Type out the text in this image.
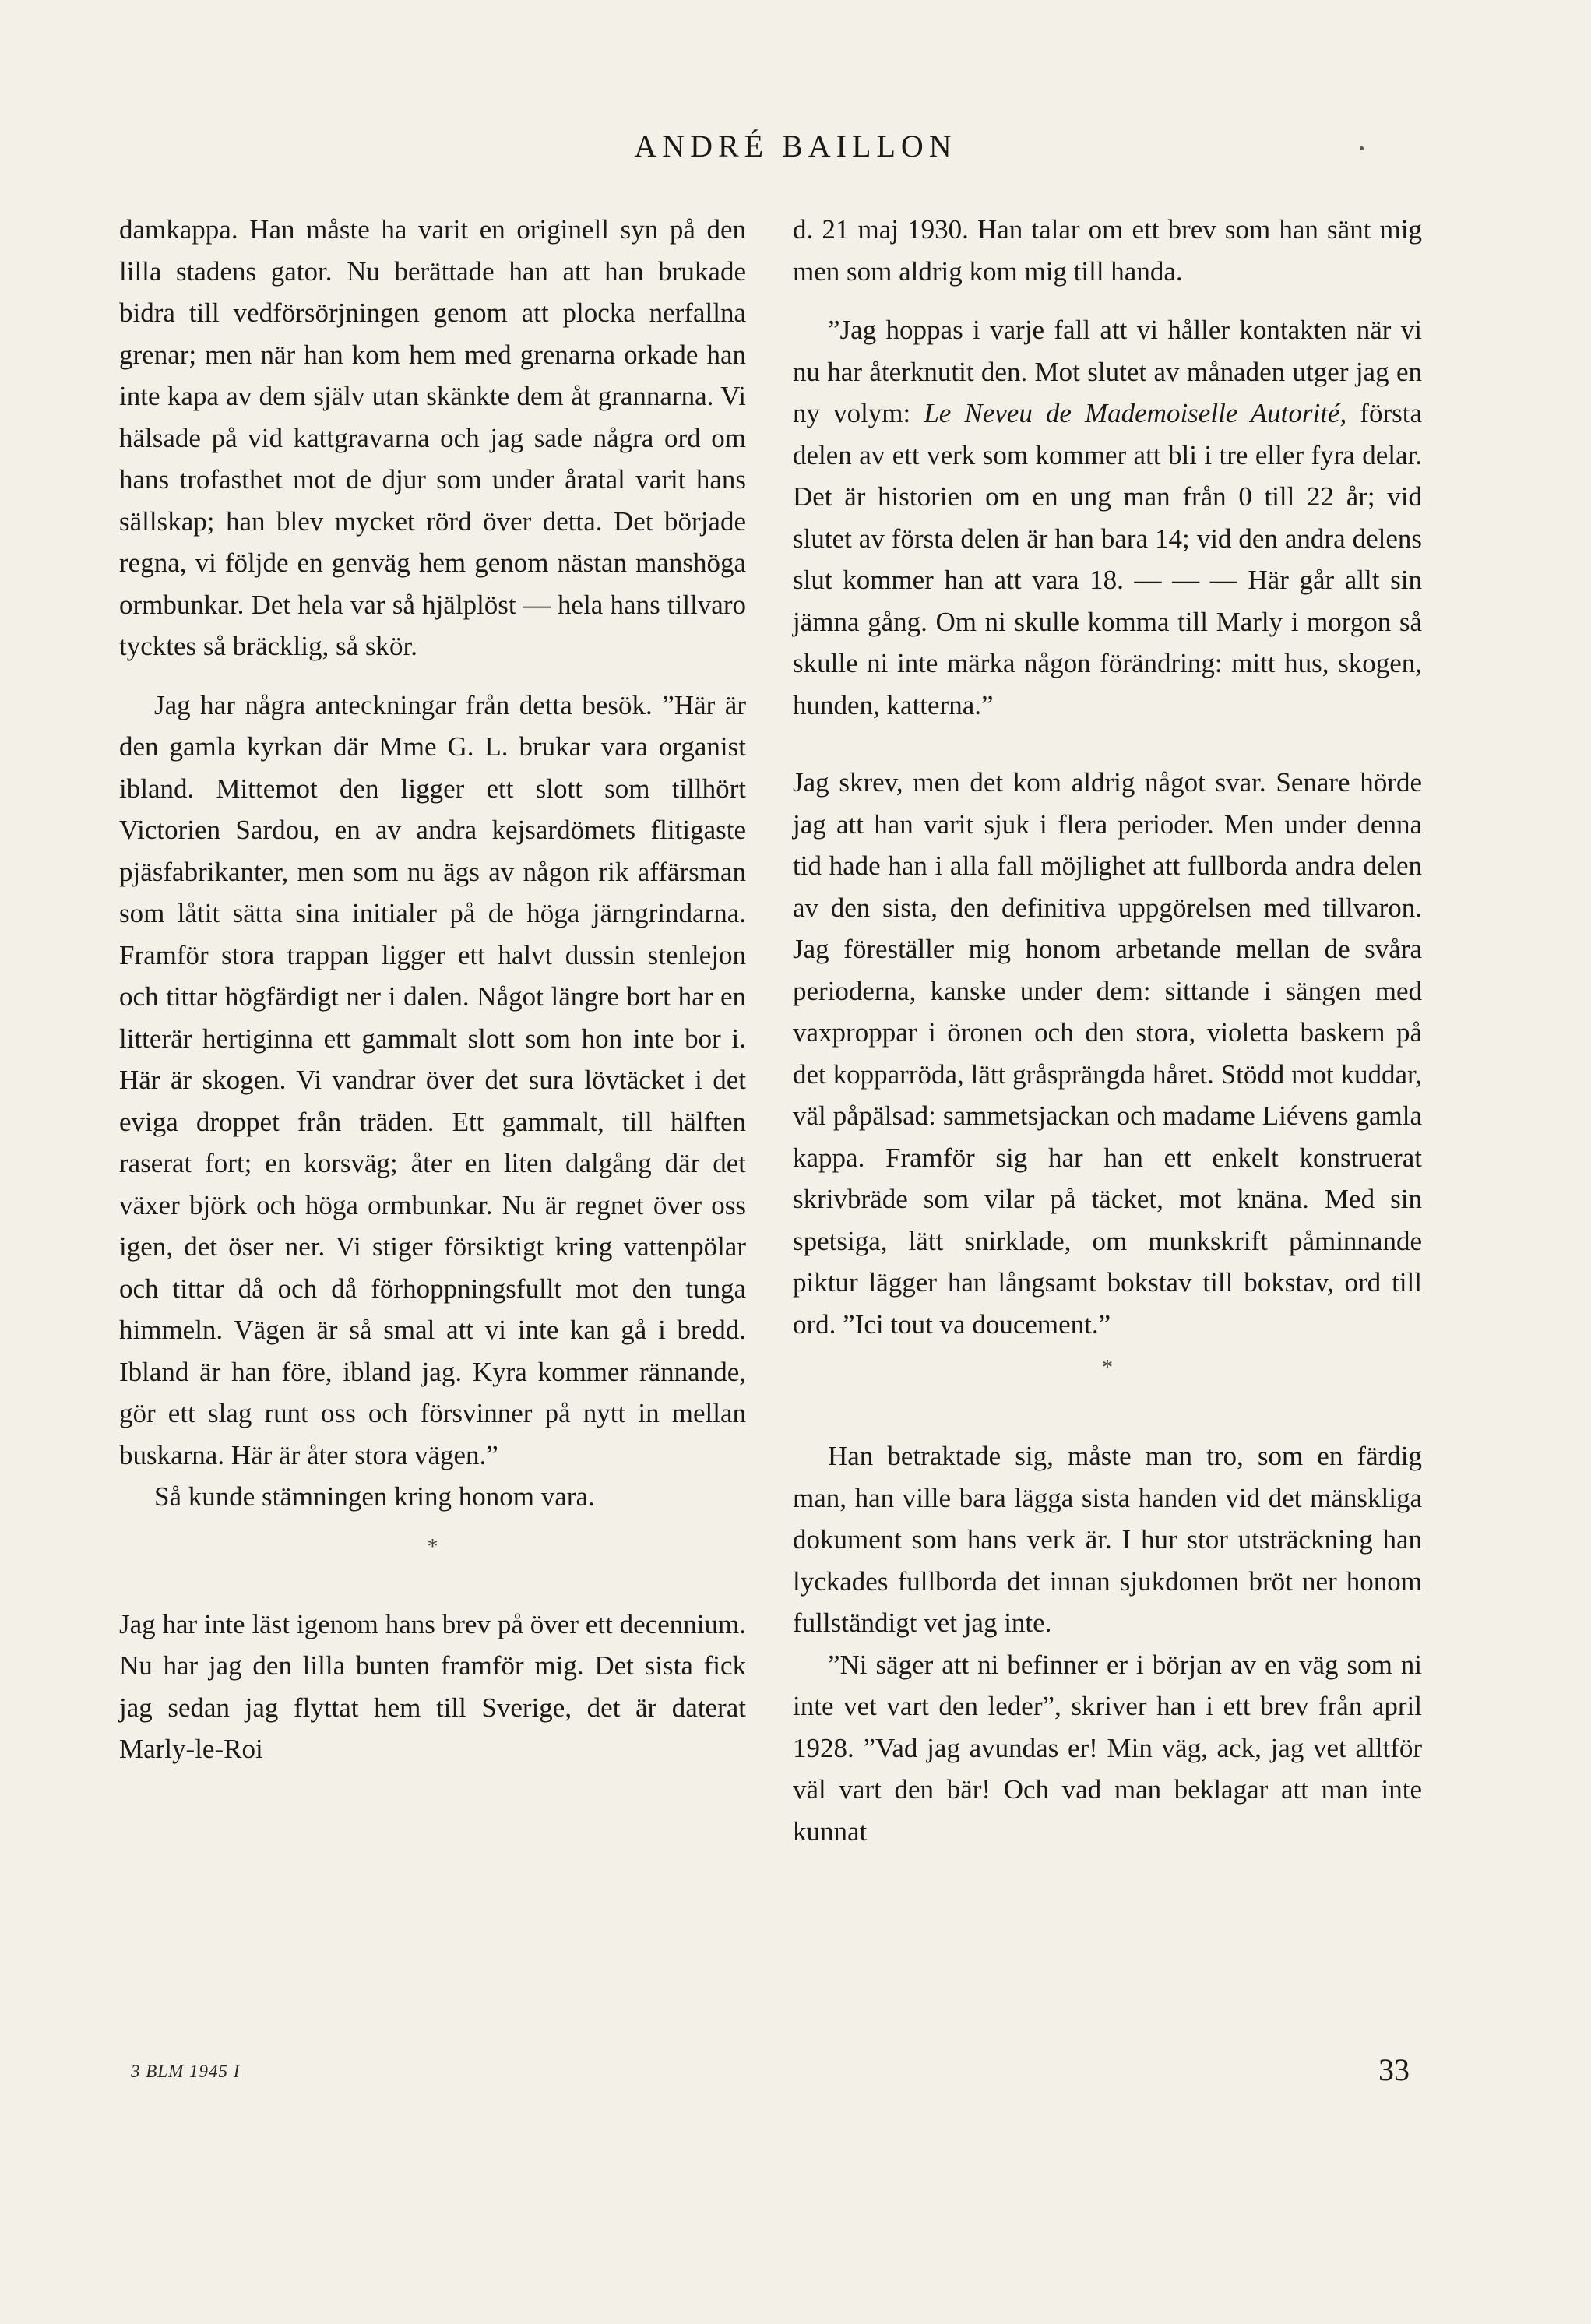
ANDRÉ BAILLON

damkappa. Han måste ha varit en originell syn på den lilla stadens gator. Nu berättade han att han brukade bidra till vedförsörjningen genom att plocka nerfallna grenar; men när han kom hem med grenarna orkade han inte kapa av dem själv utan skänkte dem åt grannarna. Vi hälsade på vid kattgravarna och jag sade några ord om hans trofasthet mot de djur som under åratal varit hans sällskap; han blev mycket rörd över detta. Det började regna, vi följde en genväg hem genom nästan manshöga ormbunkar. Det hela var så hjälplöst — hela hans tillvaro tycktes så bräcklig, så skör.

Jag har några anteckningar från detta besök. ”Här är den gamla kyrkan där Mme G. L. brukar vara organist ibland. Mittemot den ligger ett slott som tillhört Victorien Sardou, en av andra kejsardömets flitigaste pjäsfabrikanter, men som nu ägs av någon rik affärsman som låtit sätta sina initialer på de höga järngrindarna. Framför stora trappan ligger ett halvt dussin stenlejon och tittar högfärdigt ner i dalen. Något längre bort har en litterär hertiginna ett gammalt slott som hon inte bor i. Här är skogen. Vi vandrar över det sura lövtäcket i det eviga droppet från träden. Ett gammalt, till hälften raserat fort; en korsväg; åter en liten dalgång där det växer björk och höga ormbunkar. Nu är regnet över oss igen, det öser ner. Vi stiger försiktigt kring vattenpölar och tittar då och då förhoppningsfullt mot den tunga himmeln. Vägen är så smal att vi inte kan gå i bredd. Ibland är han före, ibland jag. Kyra kommer rännande, gör ett slag runt oss och försvinner på nytt in mellan buskarna. Här är åter stora vägen.”

Så kunde stämningen kring honom vara.

*

Jag har inte läst igenom hans brev på över ett decennium. Nu har jag den lilla bunten framför mig. Det sista fick jag sedan jag flyttat hem till Sverige, det är daterat Marly-le-Roi

d. 21 maj 1930. Han talar om ett brev som han sänt mig men som aldrig kom mig till handa.

”Jag hoppas i varje fall att vi håller kontakten när vi nu har återknutit den. Mot slutet av månaden utger jag en ny volym: Le Neveu de Mademoiselle Autorité, första delen av ett verk som kommer att bli i tre eller fyra delar. Det är historien om en ung man från 0 till 22 år; vid slutet av första delen är han bara 14; vid den andra delens slut kommer han att vara 18. — — — Här går allt sin jämna gång. Om ni skulle komma till Marly i morgon så skulle ni inte märka någon förändring: mitt hus, skogen, hunden, katterna.”

Jag skrev, men det kom aldrig något svar. Senare hörde jag att han varit sjuk i flera perioder. Men under denna tid hade han i alla fall möjlighet att fullborda andra delen av den sista, den definitiva uppgörelsen med tillvaron. Jag föreställer mig honom arbetande mellan de svåra perioderna, kanske under dem: sittande i sängen med vaxproppar i öronen och den stora, violetta baskern på det kopparröda, lätt gråsprängda håret. Stödd mot kuddar, väl påpälsad: sammetsjackan och madame Liévens gamla kappa. Framför sig har han ett enkelt konstruerat skrivbräde som vilar på täcket, mot knäna. Med sin spetsiga, lätt snirklade, om munkskrift påminnande piktur lägger han långsamt bokstav till bokstav, ord till ord. ”Ici tout va doucement.”

*

Han betraktade sig, måste man tro, som en färdig man, han ville bara lägga sista handen vid det mänskliga dokument som hans verk är. I hur stor utsträckning han lyckades fullborda det innan sjukdomen bröt ner honom fullständigt vet jag inte.

”Ni säger att ni befinner er i början av en väg som ni inte vet vart den leder”, skriver han i ett brev från april 1928. ”Vad jag avundas er! Min väg, ack, jag vet alltför väl vart den bär! Och vad man beklagar att man inte kunnat

3 BLM 1945 I	33
